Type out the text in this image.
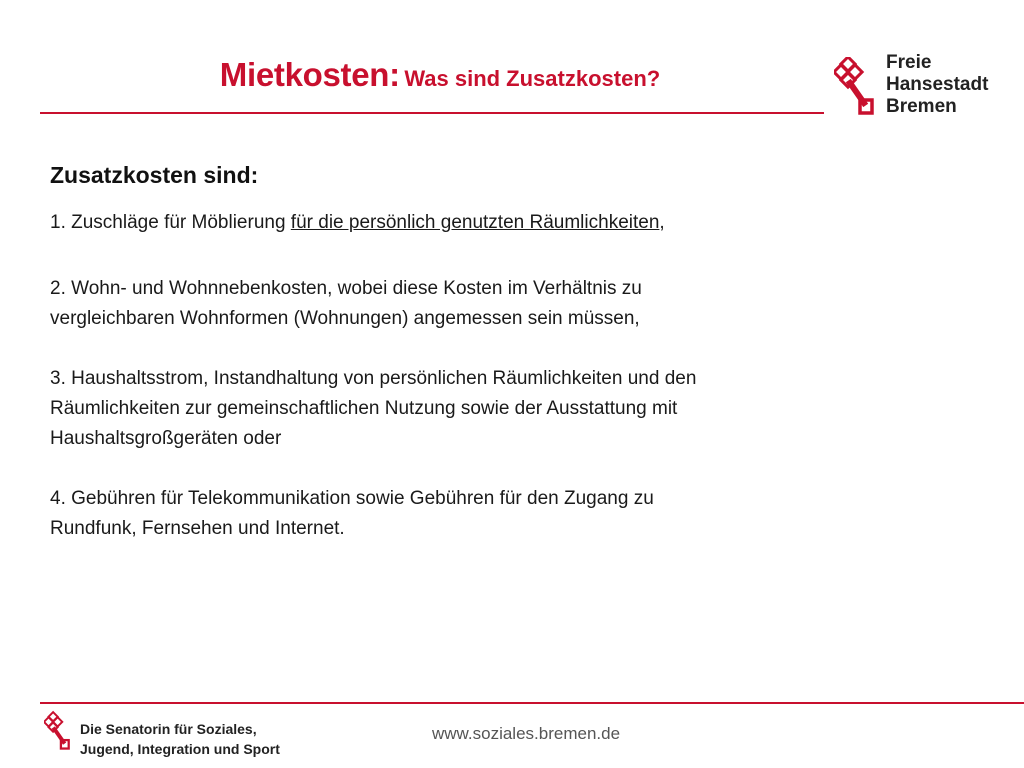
Mietkosten: Was sind Zusatzkosten?
Freie
Hansestadt
Bremen
Zusatzkosten sind:

1. Zuschläge für Möblierung für die persönlich genutzten Räumlichkeiten,

2. Wohn- und Wohnnebenkosten, wobei diese Kosten im Verhältnis zu
vergleichbaren Wohnformen (Wohnungen) angemessen sein müssen,

3. Haushaltsstrom, Instandhaltung von persönlichen Räumlichkeiten und den
Räumlichkeiten zur gemeinschaftlichen Nutzung sowie der Ausstattung mit
Haushaltsgroßgeräten oder

4. Gebühren für Telekommunikation sowie Gebühren für den Zugang zu
Rundfunk, Fernsehen und Internet.

Die Senatorin für Soziales,
Jugend, Integration und Sport
www.soziales.bremen.de
